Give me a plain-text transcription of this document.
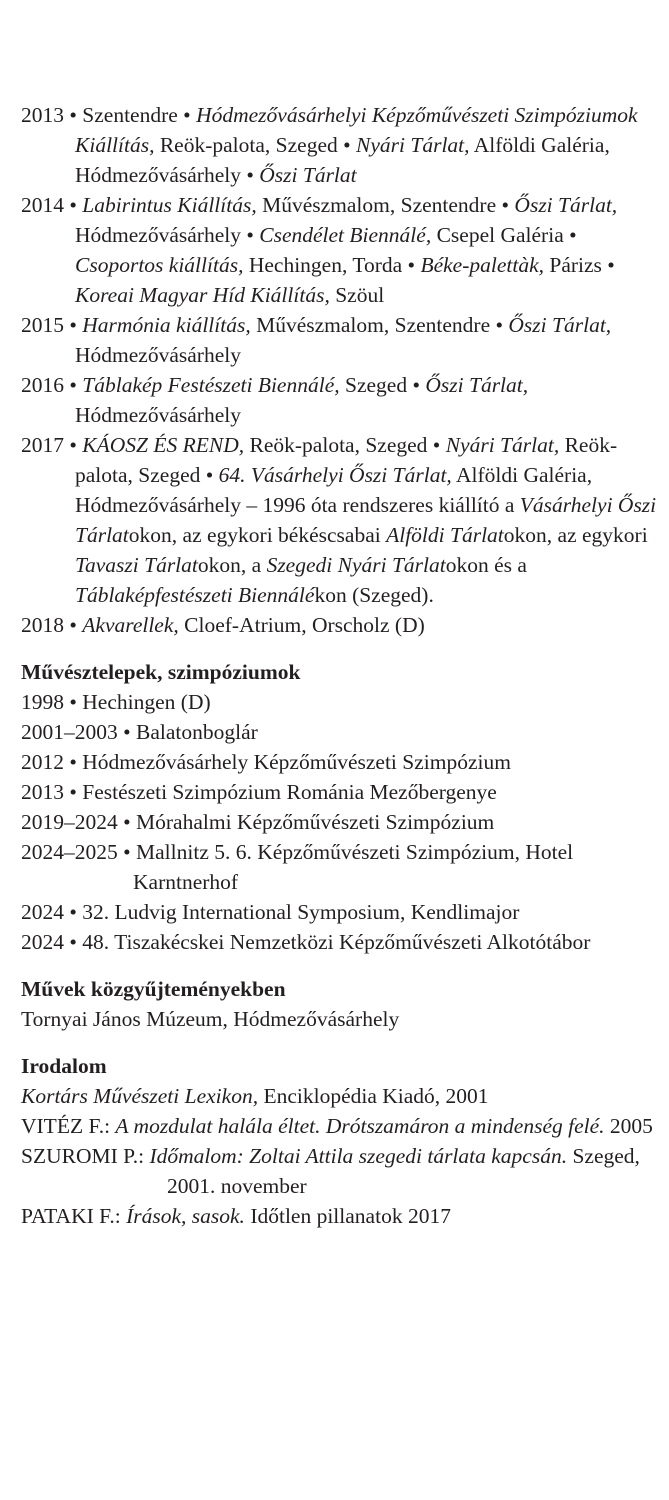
2013 • Szentendre • Hódmezővásárhelyi Képzőművészeti Szimpóziumok Kiállítás, Reök-palota, Szeged • Nyári Tárlat, Alföldi Galéria, Hódmezővásárhely • Őszi Tárlat

2014 • Labirintus Kiállítás, Művészmalom, Szentendre • Őszi Tárlat, Hódmezővásárhely • Csendélet Biennálé, Csepel Galéria • Csoportos kiállítás, Hechingen, Torda • Béke-palettàk, Párizs • Koreai Magyar Híd Kiállítás, Szöul

2015 • Harmónia kiállítás, Művészmalom, Szentendre • Őszi Tárlat, Hódmezővásárhely

2016 • Táblakép Festészeti Biennálé, Szeged • Őszi Tárlat, Hódmezővásárhely

2017 • KÁOSZ ÉS REND, Reök-palota, Szeged • Nyári Tárlat, Reök-palota, Szeged • 64. Vásárhelyi Őszi Tárlat, Alföldi Galéria, Hódmezővásárhely – 1996 óta rendszeres kiállító a Vásárhelyi Őszi Tárlatokon, az egykori békéscsabai Alföldi Tárlatokon, az egykori Tavaszi Tárlatokon, a Szegedi Nyári Tárlatokon és a Táblaképfestészeti Biennálékon (Szeged).

2018 • Akvarellek, Cloef-Atrium, Orscholz (D)

Művésztelepek, szimpóziumok

1998 • Hechingen (D)

2001–2003 • Balatonboglár

2012 • Hódmezővásárhely Képzőművészeti Szimpózium

2013 • Festészeti Szimpózium Románia Mezőbergenye

2019–2024 • Mórahalmi Képzőművészeti Szimpózium

2024–2025 • Mallnitz 5. 6. Képzőművészeti Szimpózium, Hotel Karntnerhof

2024 • 32. Ludvig International Symposium, Kendlimajor

2024 • 48. Tiszakécskei Nemzetközi Képzőművészeti Alkotótábor

Művek közgyűjteményekben

Tornyai János Múzeum, Hódmezővásárhely

Irodalom

Kortárs Művészeti Lexikon, Enciklopédia Kiadó, 2001

VITÉZ F.: A mozdulat halála éltet. Drótszamáron a mindenség felé. 2005

SZUROMI P.: Időmalom: Zoltai Attila szegedi tárlata kapcsán. Szeged, 2001. november

PATAKI F.: Írások, sasok. Időtlen pillanatok 2017
